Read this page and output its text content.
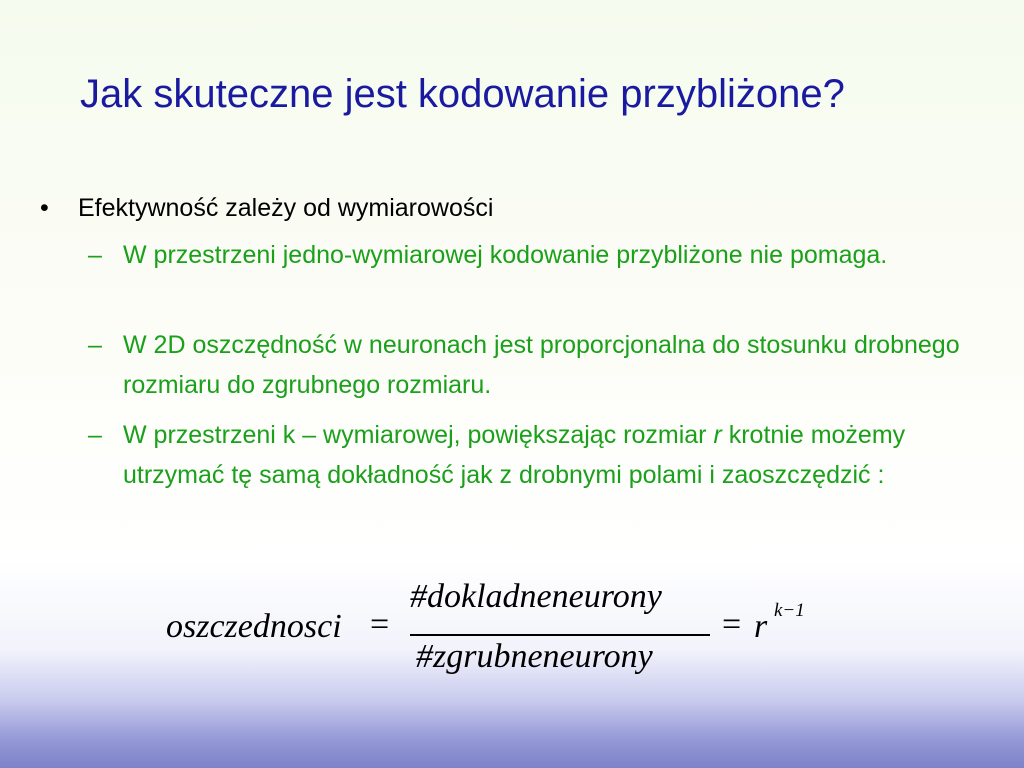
Jak skuteczne jest kodowanie przybliżone?
• Efektywność zależy od wymiarowości
– W przestrzeni jedno-wymiarowej kodowanie przybliżone nie pomaga.
– W 2D oszczędność w neuronach jest proporcjonalna do stosunku drobnego rozmiaru do zgrubnego rozmiaru.
– W przestrzeni k – wymiarowej, powiększając rozmiar r krotnie możemy utrzymać tę samą dokładność jak z drobnymi polami i zaoszczędzić :
oszczednosci =
#dokladneneurony
#zgrubneneurony
= r k−1
